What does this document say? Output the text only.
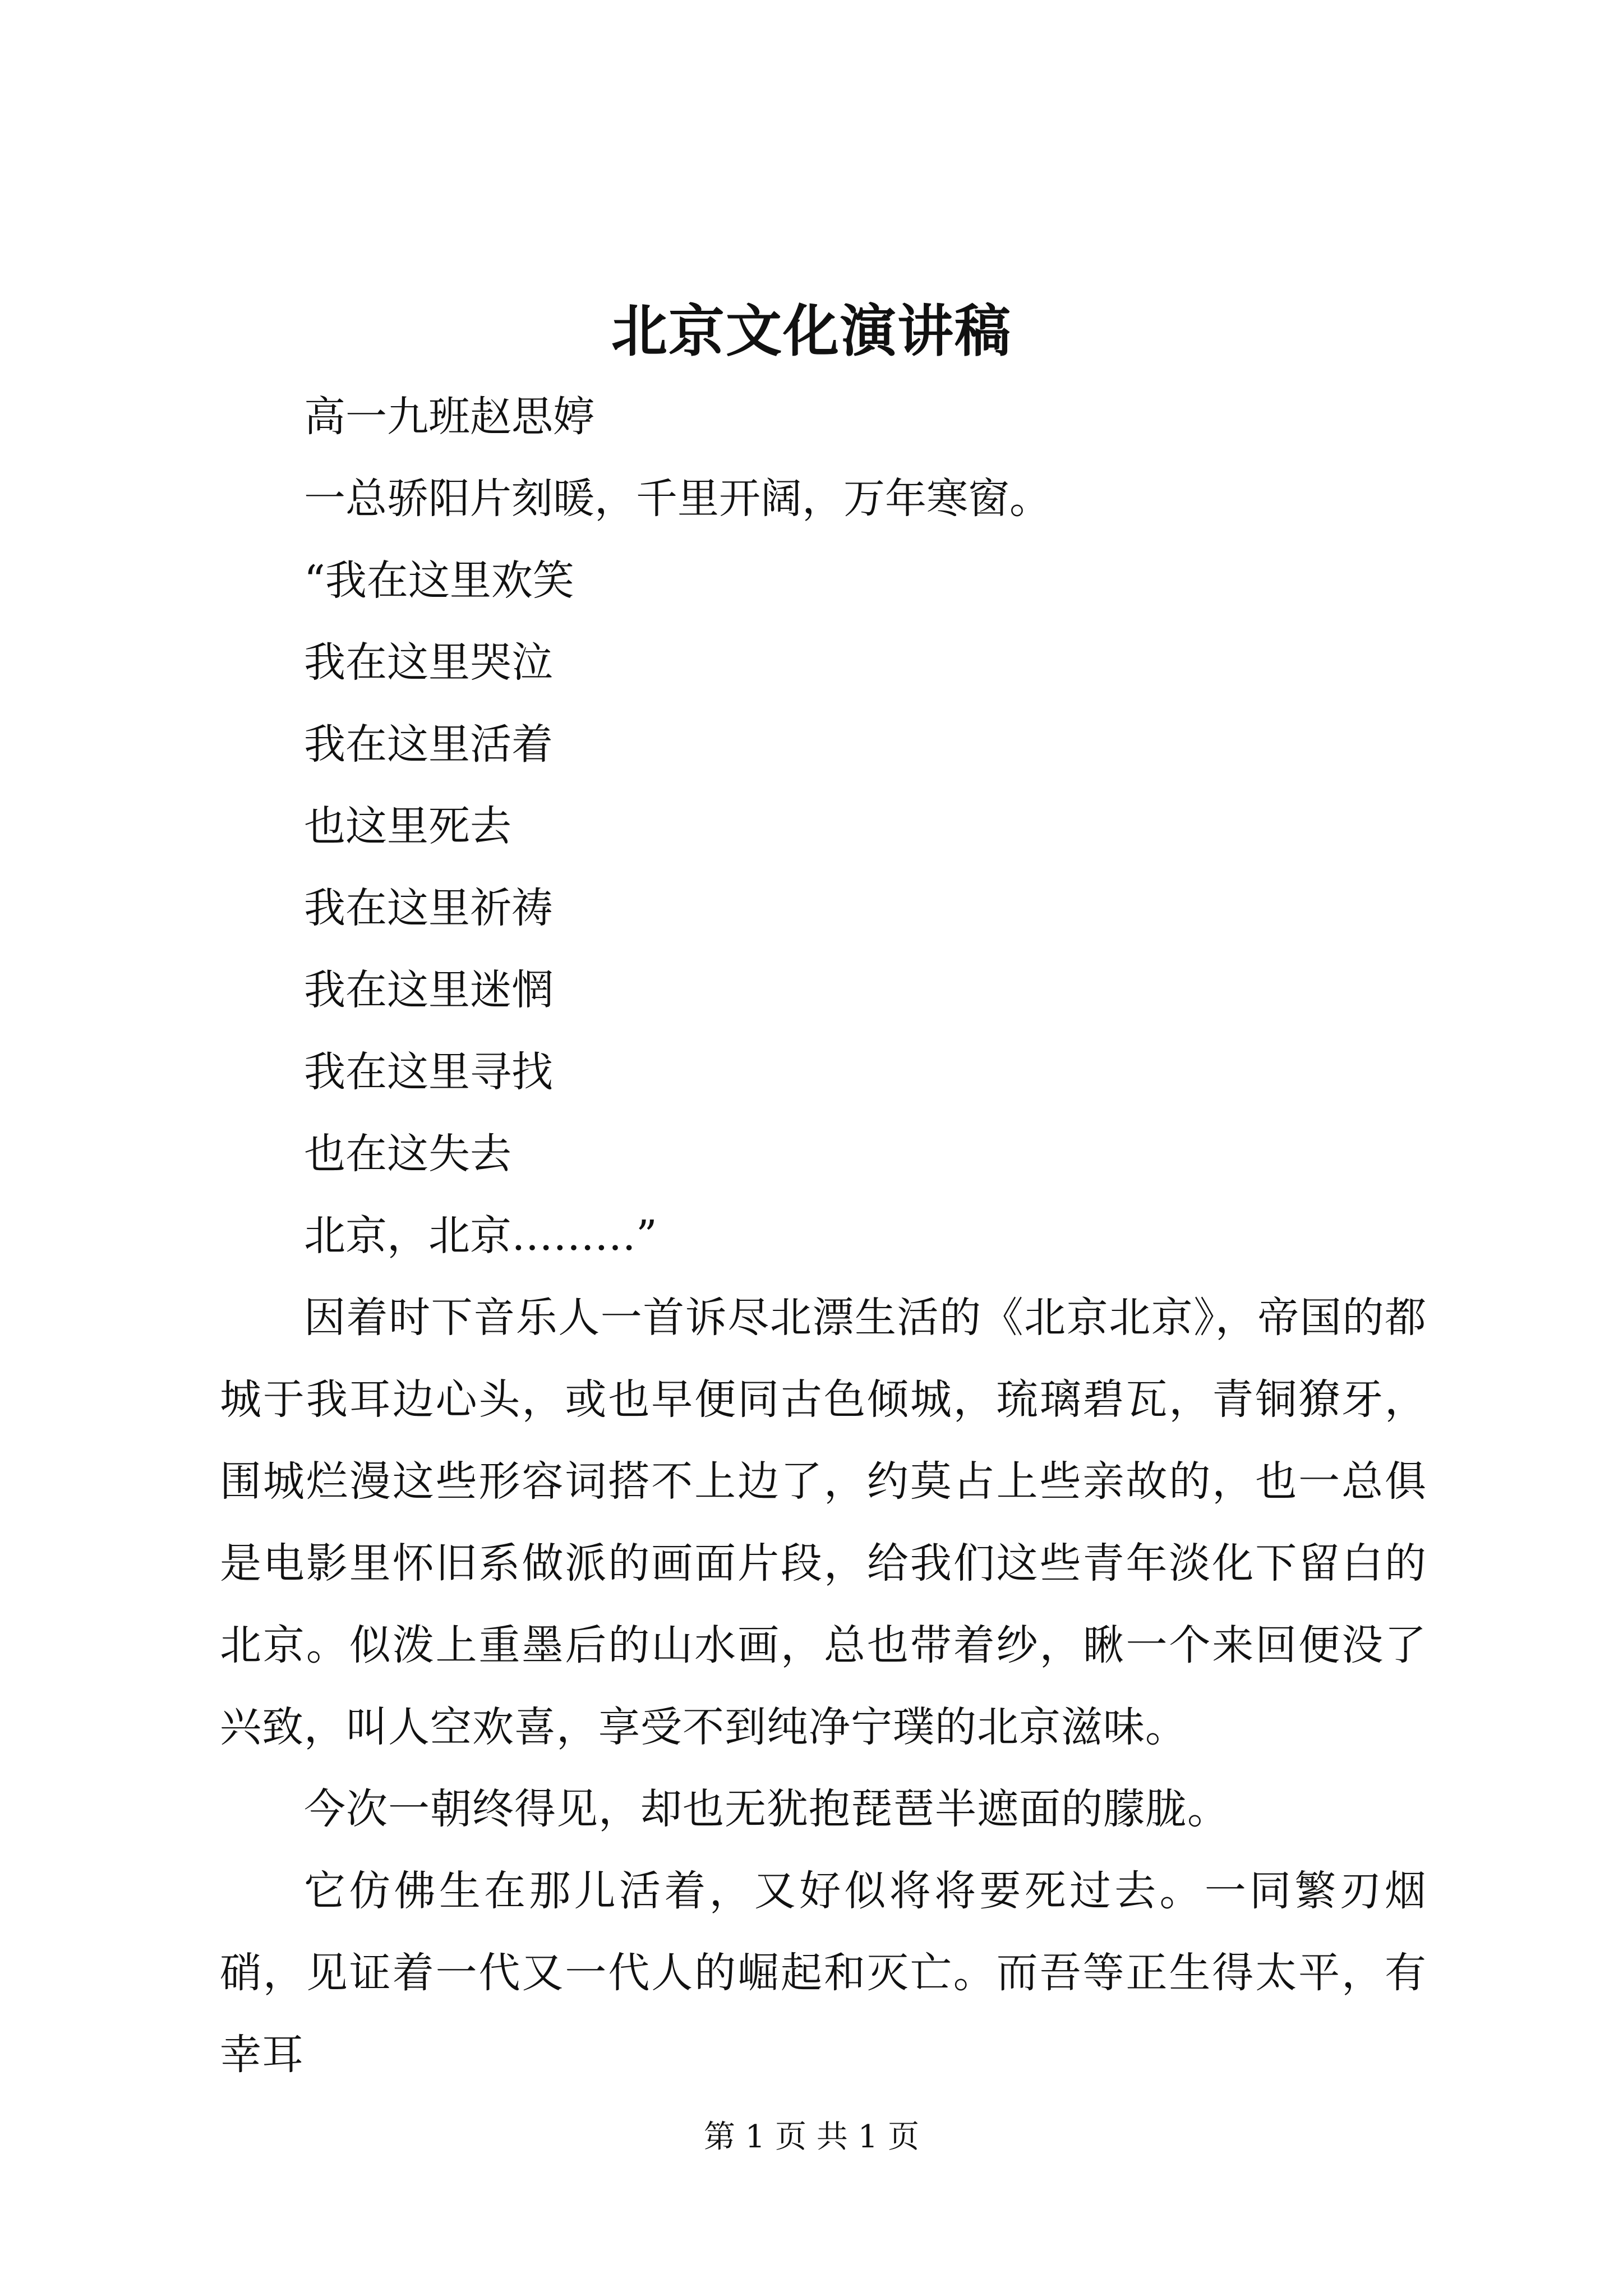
北京文化演讲稿

高一九班赵思婷

一总骄阳片刻暖，千里开阔，万年寒窗。

“我在这里欢笑

我在这里哭泣

我在这里活着

也这里死去

我在这里祈祷

我在这里迷惘

我在这里寻找

也在这失去

北京，北京………”

因着时下音乐人一首诉尽北漂生活的《北京北京》，帝国的都城于我耳边心头，或也早便同古色倾城，琉璃碧瓦，青铜獠牙，围城烂漫这些形容词搭不上边了，约莫占上些亲故的，也一总俱是电影里怀旧系做派的画面片段，给我们这些青年淡化下留白的北京。似泼上重墨后的山水画，总也带着纱，瞅一个来回便没了兴致，叫人空欢喜，享受不到纯净宁璞的北京滋味。

今次一朝终得见，却也无犹抱琵琶半遮面的朦胧。

它仿佛生在那儿活着，又好似将将要死过去。一同繁刃烟硝，见证着一代又一代人的崛起和灭亡。而吾等正生得太平，有幸耳

第 1 页 共 1 页
